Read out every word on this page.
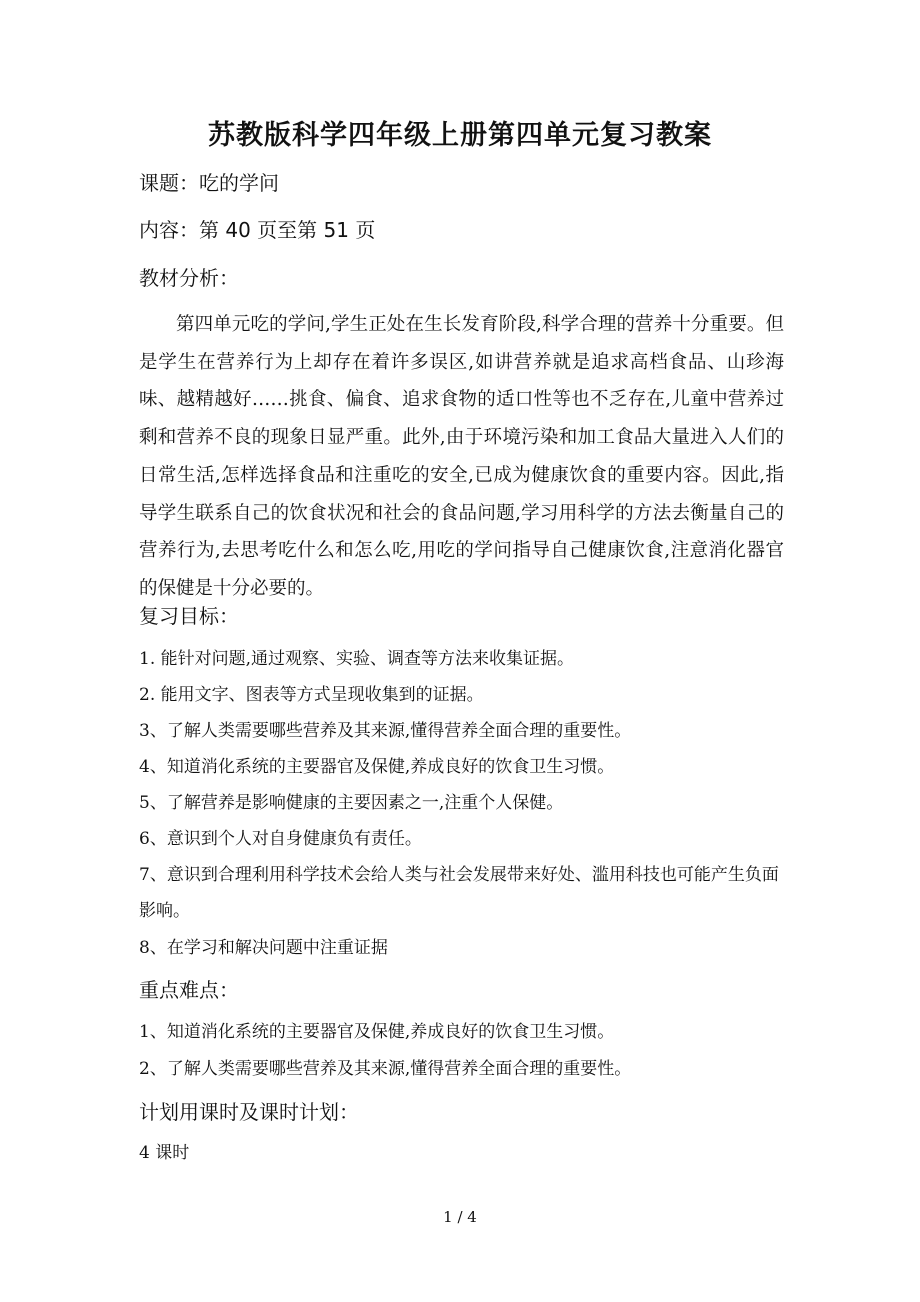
苏教版科学四年级上册第四单元复习教案

课题：吃的学问

内容：第 40 页至第 51 页

教材分析：

第四单元吃的学问,学生正处在生长发育阶段,科学合理的营养十分重要。但是学生在营养行为上却存在着许多误区,如讲营养就是追求高档食品、山珍海味、越精越好……挑食、偏食、追求食物的适口性等也不乏存在,儿童中营养过剩和营养不良的现象日显严重。此外,由于环境污染和加工食品大量进入人们的日常生活,怎样选择食品和注重吃的安全,已成为健康饮食的重要内容。因此,指导学生联系自己的饮食状况和社会的食品问题,学习用科学的方法去衡量自己的营养行为,去思考吃什么和怎么吃,用吃的学问指导自己健康饮食,注意消化器官的保健是十分必要的。

复习目标：

1. 能针对问题,通过观察、实验、调查等方法来收集证据。

2. 能用文字、图表等方式呈现收集到的证据。

3、了解人类需要哪些营养及其来源,懂得营养全面合理的重要性。

4、知道消化系统的主要器官及保健,养成良好的饮食卫生习惯。

5、了解营养是影响健康的主要因素之一,注重个人保健。

6、意识到个人对自身健康负有责任。

7、意识到合理利用科学技术会给人类与社会发展带来好处、滥用科技也可能产生负面影响。

8、在学习和解决问题中注重证据

重点难点：

1、知道消化系统的主要器官及保健,养成良好的饮食卫生习惯。

2、了解人类需要哪些营养及其来源,懂得营养全面合理的重要性。

计划用课时及课时计划：

4 课时

1 / 4
